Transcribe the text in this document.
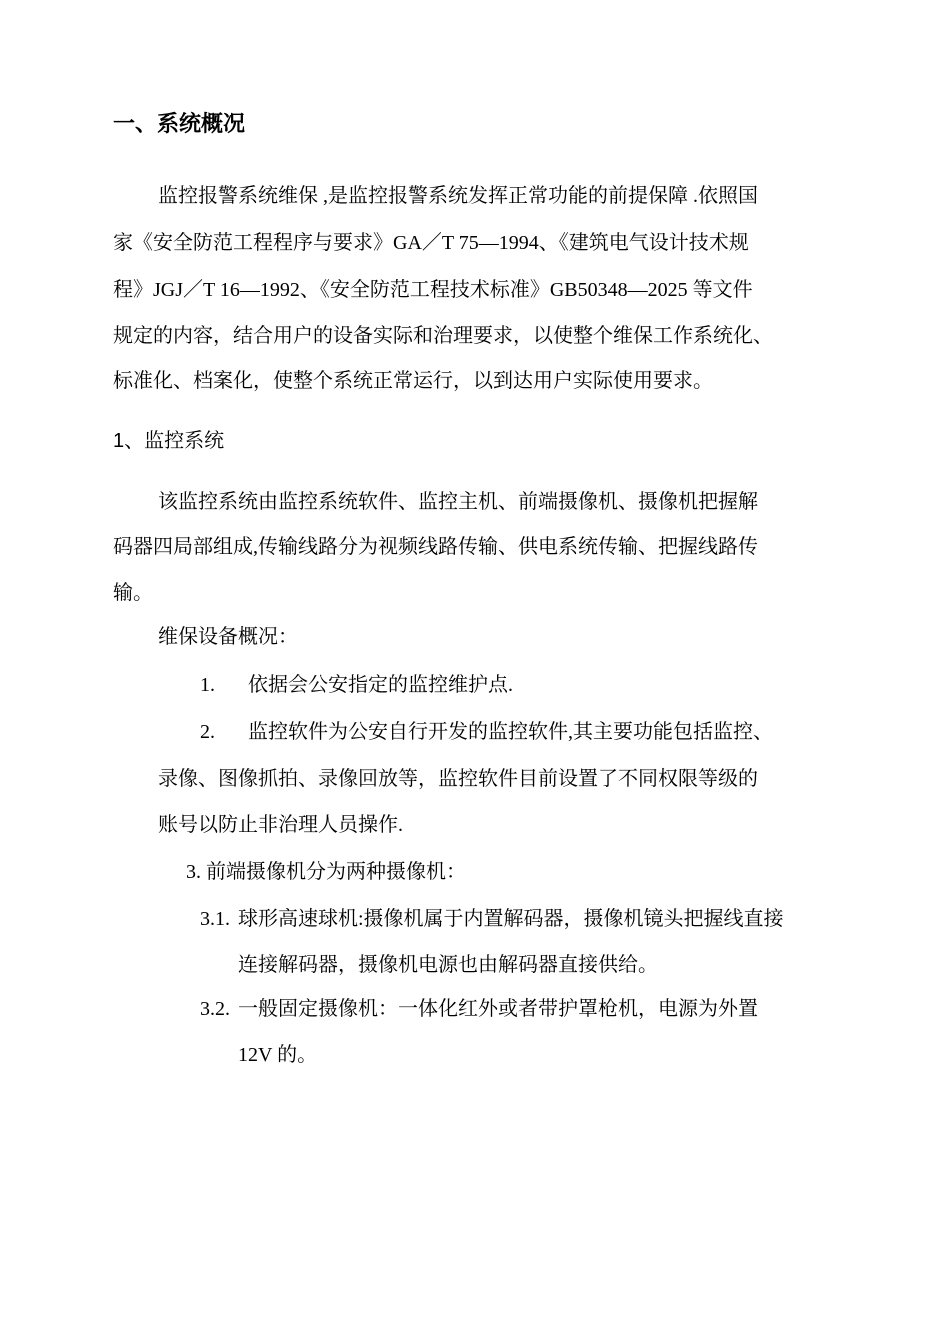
一、系统概况
监控报警系统维保 ,是监控报警系统发挥正常功能的前提保障 .依照国
家《安全防范工程程序与要求》GA／T 75—1994、《建筑电气设计技术规
程》JGJ／T 16—1992、《安全防范工程技术标准》GB50348—2025 等文件
规定的内容，结合用户的设备实际和治理要求，以使整个维保工作系统化、
标准化、档案化，使整个系统正常运行，以到达用户实际使用要求。
1、监控系统
该监控系统由监控系统软件、监控主机、前端摄像机、摄像机把握解
码器四局部组成,传输线路分为视频线路传输、供电系统传输、把握线路传
输。
维保设备概况：
1. 依据会公安指定的监控维护点.
2. 监控软件为公安自行开发的监控软件,其主要功能包括监控、
录像、图像抓拍、录像回放等，监控软件目前设置了不同权限等级的
账号以防止非治理人员操作.
3. 前端摄像机分为两种摄像机：
3.1. 球形高速球机:摄像机属于内置解码器，摄像机镜头把握线直接
连接解码器，摄像机电源也由解码器直接供给。
3.2. 一般固定摄像机：一体化红外或者带护罩枪机，电源为外置
12V 的。
